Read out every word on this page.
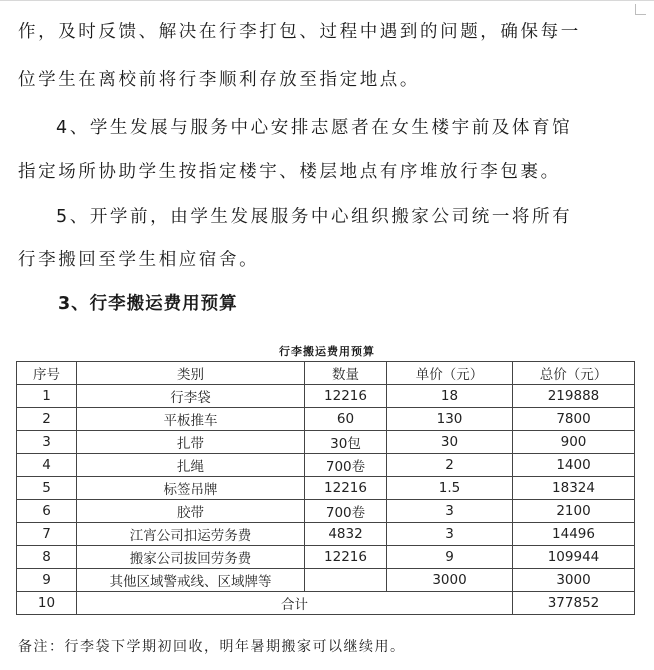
作，及时反馈、解决在行李打包、过程中遇到的问题，确保每一
位学生在离校前将行李顺利存放至指定地点。
4、学生发展与服务中心安排志愿者在女生楼宇前及体育馆
指定场所协助学生按指定楼宇、楼层地点有序堆放行李包裹。
5、开学前，由学生发展服务中心组织搬家公司统一将所有
行李搬回至学生相应宿舍。
3、行李搬运费用预算
行李搬运费用预算
序号	类别	数量	单价（元）	总价（元）
1	行李袋	12216	18	219888
2	平板推车	60	130	7800
3	扎带	30包	30	900
4	扎绳	700卷	2	1400
5	标签吊牌	12216	1.5	18324
6	胶带	700卷	3	2100
7	江宵公司扣运劳务费	4832	3	14496
8	搬家公司拔回劳务费	12216	9	109944
9	其他区域警戒线、区域牌等		3000	3000
10	合计			377852
备注：行李袋下学期初回收，明年暑期搬家可以继续用。
